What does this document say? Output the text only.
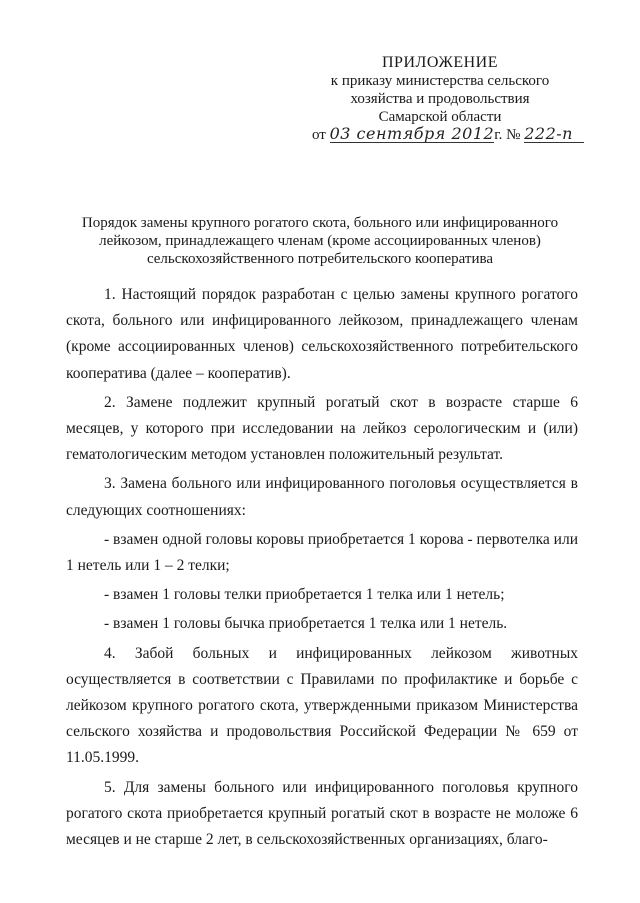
ПРИЛОЖЕНИЕ
к приказу министерства сельского
хозяйства и продовольствия
Самарской области
от 03 сентября 2012г. № 222-п
Порядок замены крупного рогатого скота, больного или инфицированного
лейкозом, принадлежащего членам (кроме ассоциированных членов)
сельскохозяйственного потребительского кооператива

1. Настоящий порядок разработан с целью замены крупного рогатого скота, больного или инфицированного лейкозом, принадлежащего членам (кроме ассоциированных членов) сельскохозяйственного потребительского кооператива (далее – кооператив).

2. Замене подлежит крупный рогатый скот в возрасте старше 6 месяцев, у которого при исследовании на лейкоз серологическим и (или) гематологическим методом установлен положительный результат.

3. Замена больного или инфицированного поголовья осуществляется в следующих соотношениях:

- взамен одной головы коровы приобретается 1 корова - первотелка или 1 нетель или 1 – 2 телки;

- взамен 1 головы телки приобретается 1 телка или 1 нетель;

- взамен 1 головы бычка приобретается 1 телка или 1 нетель.

4. Забой больных и инфицированных лейкозом животных осуществляется в соответствии с Правилами по профилактике и борьбе с лейкозом крупного рогатого скота, утвержденными приказом Министерства сельского хозяйства и продовольствия Российской Федерации № 659 от 11.05.1999.

5. Для замены больного или инфицированного поголовья крупного рогатого скота приобретается крупный рогатый скот в возрасте не моложе 6 месяцев и не старше 2 лет, в сельскохозяйственных организациях, благо-
